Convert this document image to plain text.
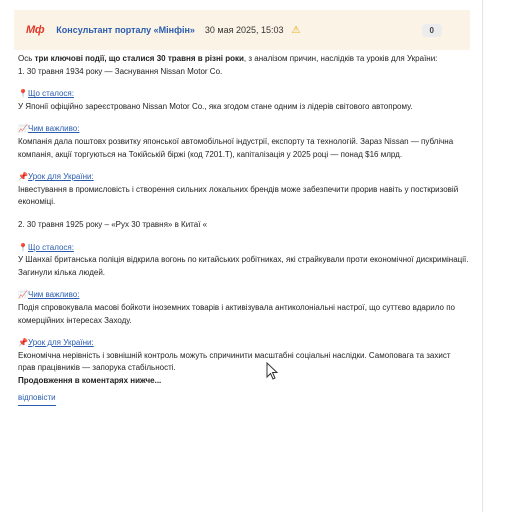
Мф Консультант порталу «Мінфін» 30 мая 2025, 15:03 ⚠	0

Ось три ключові події, що сталися 30 травня в різні роки, з аналізом причин, наслідків та уроків для України:

1. 30 травня 1934 року — Заснування Nissan Motor Co.

📍Що сталося:

У Японії офіційно зареєстровано Nissan Motor Co., яка згодом стане одним із лідерів світового автопрому.

📈Чим важливо:

Компанія дала поштовх розвитку японської автомобільної індустрії, експорту та технологій. Зараз Nissan — публічна компанія, акції торгуються на Токійській біржі (код 7201.T), капіталізація у 2025 році — понад $16 млрд.

📌Урок для України:

Інвестування в промисловість і створення сильних локальних брендів може забезпечити прорив навіть у посткризовій економіці.

2. 30 травня 1925 року – «Рух 30 травня» в Китаї «

📍Що сталося:

У Шанхаї британська поліція відкрила вогонь по китайських робітниках, які страйкували проти економічної дискримінації. Загинули кілька людей.

📈Чим важливо:

Подія спровокувала масові бойкоти іноземних товарів і активізувала антиколоніальні настрої, що суттєво вдарило по комерційних інтересах Заходу.

📌Урок для України:

Економічна нерівність і зовнішній контроль можуть спричинити масштабні соціальні наслідки. Самоповага та захист прав працівників — запорука стабільності.

Продовження в коментарях нижче...

відповісти
